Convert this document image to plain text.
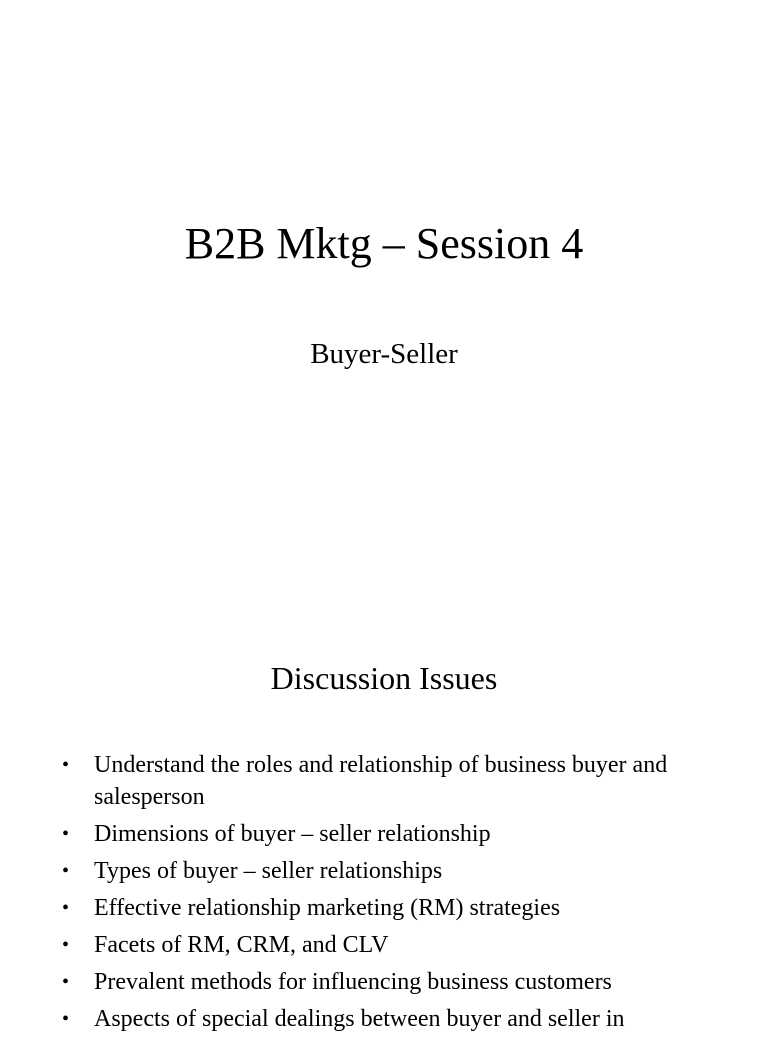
B2B Mktg – Session 4

Buyer-Seller

Discussion Issues
• Understand the roles and relationship of business buyer and salesperson
• Dimensions of buyer – seller relationship
• Types of buyer – seller relationships
• Effective relationship marketing (RM) strategies
• Facets of RM, CRM, and CLV
• Prevalent methods for influencing business customers
• Aspects of special dealings between buyer and seller in
